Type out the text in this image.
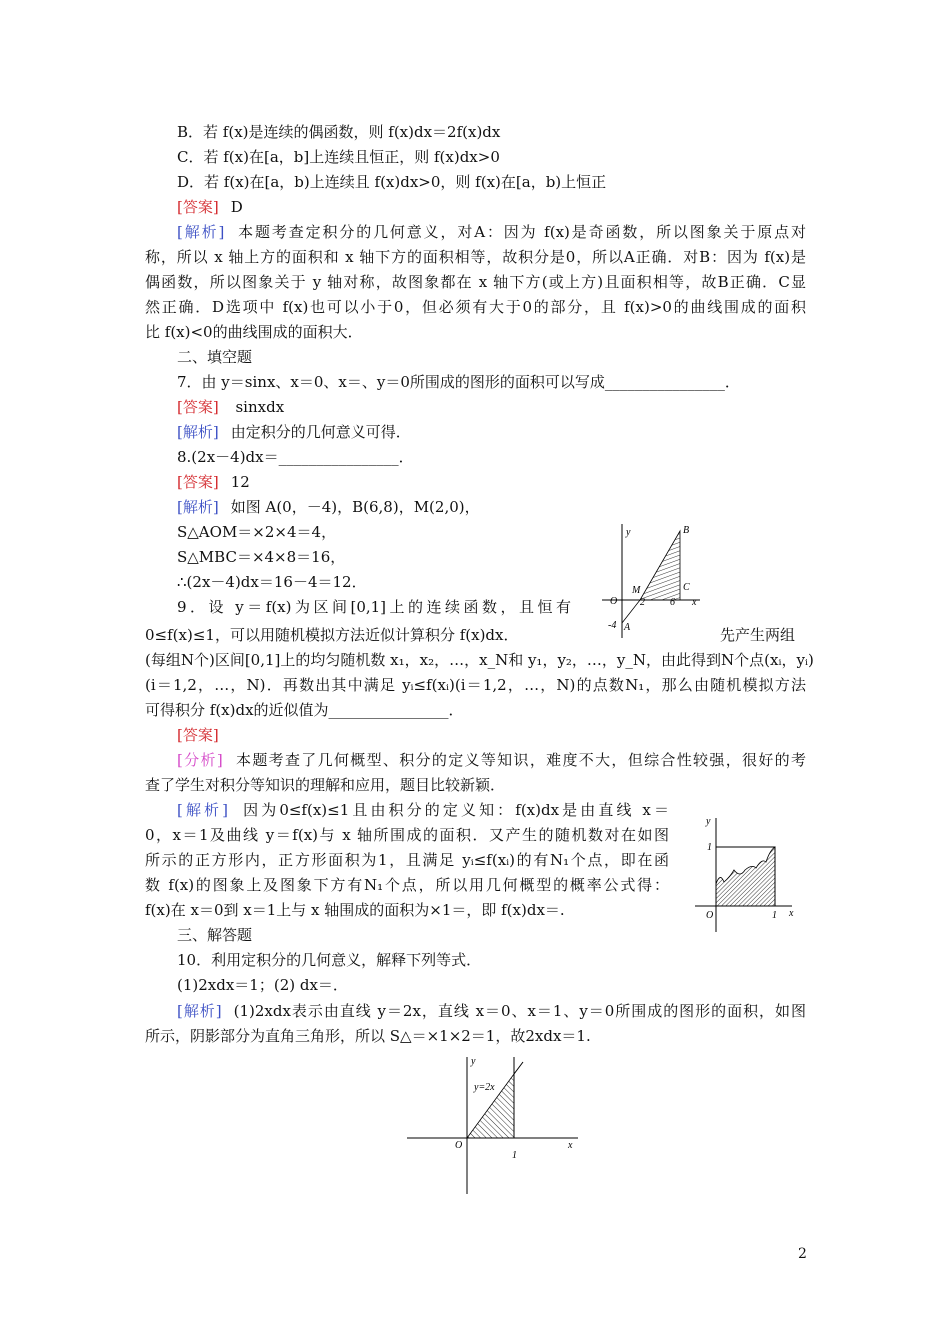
B．若 f(x)是连续的偶函数，则 f(x)dx＝2f(x)dx
C．若 f(x)在[a，b]上连续且恒正，则 f(x)dx>0
D．若 f(x)在[a，b)上连续且 f(x)dx>0，则 f(x)在[a，b)上恒正
[答案] D
[解析] 本题考查定积分的几何意义，对A：因为 f(x)是奇函数，所以图象关于原点对
称，所以 x 轴上方的面积和 x 轴下方的面积相等，故积分是0，所以A正确．对B：因为 f(x)是
偶函数，所以图象关于 y 轴对称，故图象都在 x 轴下方(或上方)且面积相等，故B正确．C显
然正确．D选项中 f(x)也可以小于0，但必须有大于0的部分，且 f(x)>0的曲线围成的面积
比 f(x)<0的曲线围成的面积大．
二、填空题
7．由 y＝sinx、x＝0、x＝、y＝0所围成的图形的面积可以写成________________．
[答案] sinxdx
[解析] 由定积分的几何意义可得．
8.(2x－4)dx＝________________．
[答案] 12
[解析] 如图 A(0，－4)，B(6,8)，M(2,0)，
S△AOM＝×2×4＝4，
S△MBC＝×4×8＝16，
∴(2x－4)dx＝16－4＝12．
9．设 y＝f(x)为区间[0,1]上的连续函数，且恒有
0≤f(x)≤1，可以用随机模拟方法近似计算积分 f(x)dx．	先产生两组
(每组N个)区间[0,1]上的均匀随机数 x₁，x₂，…，x_N和 y₁，y₂，…，y_N，由此得到N个点(xᵢ，yᵢ)
(i＝1,2，…，N)．再数出其中满足 yᵢ≤f(xᵢ)(i＝1,2，…，N)的点数N₁，那么由随机模拟方法
可得积分 f(x)dx的近似值为________________．
[答案]
[分析] 本题考查了几何概型、积分的定义等知识，难度不大，但综合性较强，很好的考
查了学生对积分等知识的理解和应用，题目比较新颖．
[解析] 因为0≤f(x)≤1且由积分的定义知：f(x)dx是由直线 x＝
0，x＝1及曲线 y＝f(x)与 x 轴所围成的面积．又产生的随机数对在如图
所示的正方形内，正方形面积为1，且满足 yᵢ≤f(xᵢ)的有N₁个点，即在函
数 f(x)的图象上及图象下方有N₁个点，所以用几何概型的概率公式得：
f(x)在 x＝0到 x＝1上与 x 轴围成的面积为×1＝，即 f(x)dx＝.
三、解答题
10．利用定积分的几何意义，解释下列等式．
(1)2xdx＝1；(2) dx＝．
[解析] (1)2xdx表示由直线 y＝2x，直线 x＝0、x＝1、y＝0所围成的图形的面积，如图
所示，阴影部分为直角三角形，所以 S△＝×1×2＝1，故2xdx＝1.
y	B
C
M
O 2	6 x
-4 A
y
1
O	1 x
y
y=2x
O
1
x
2
